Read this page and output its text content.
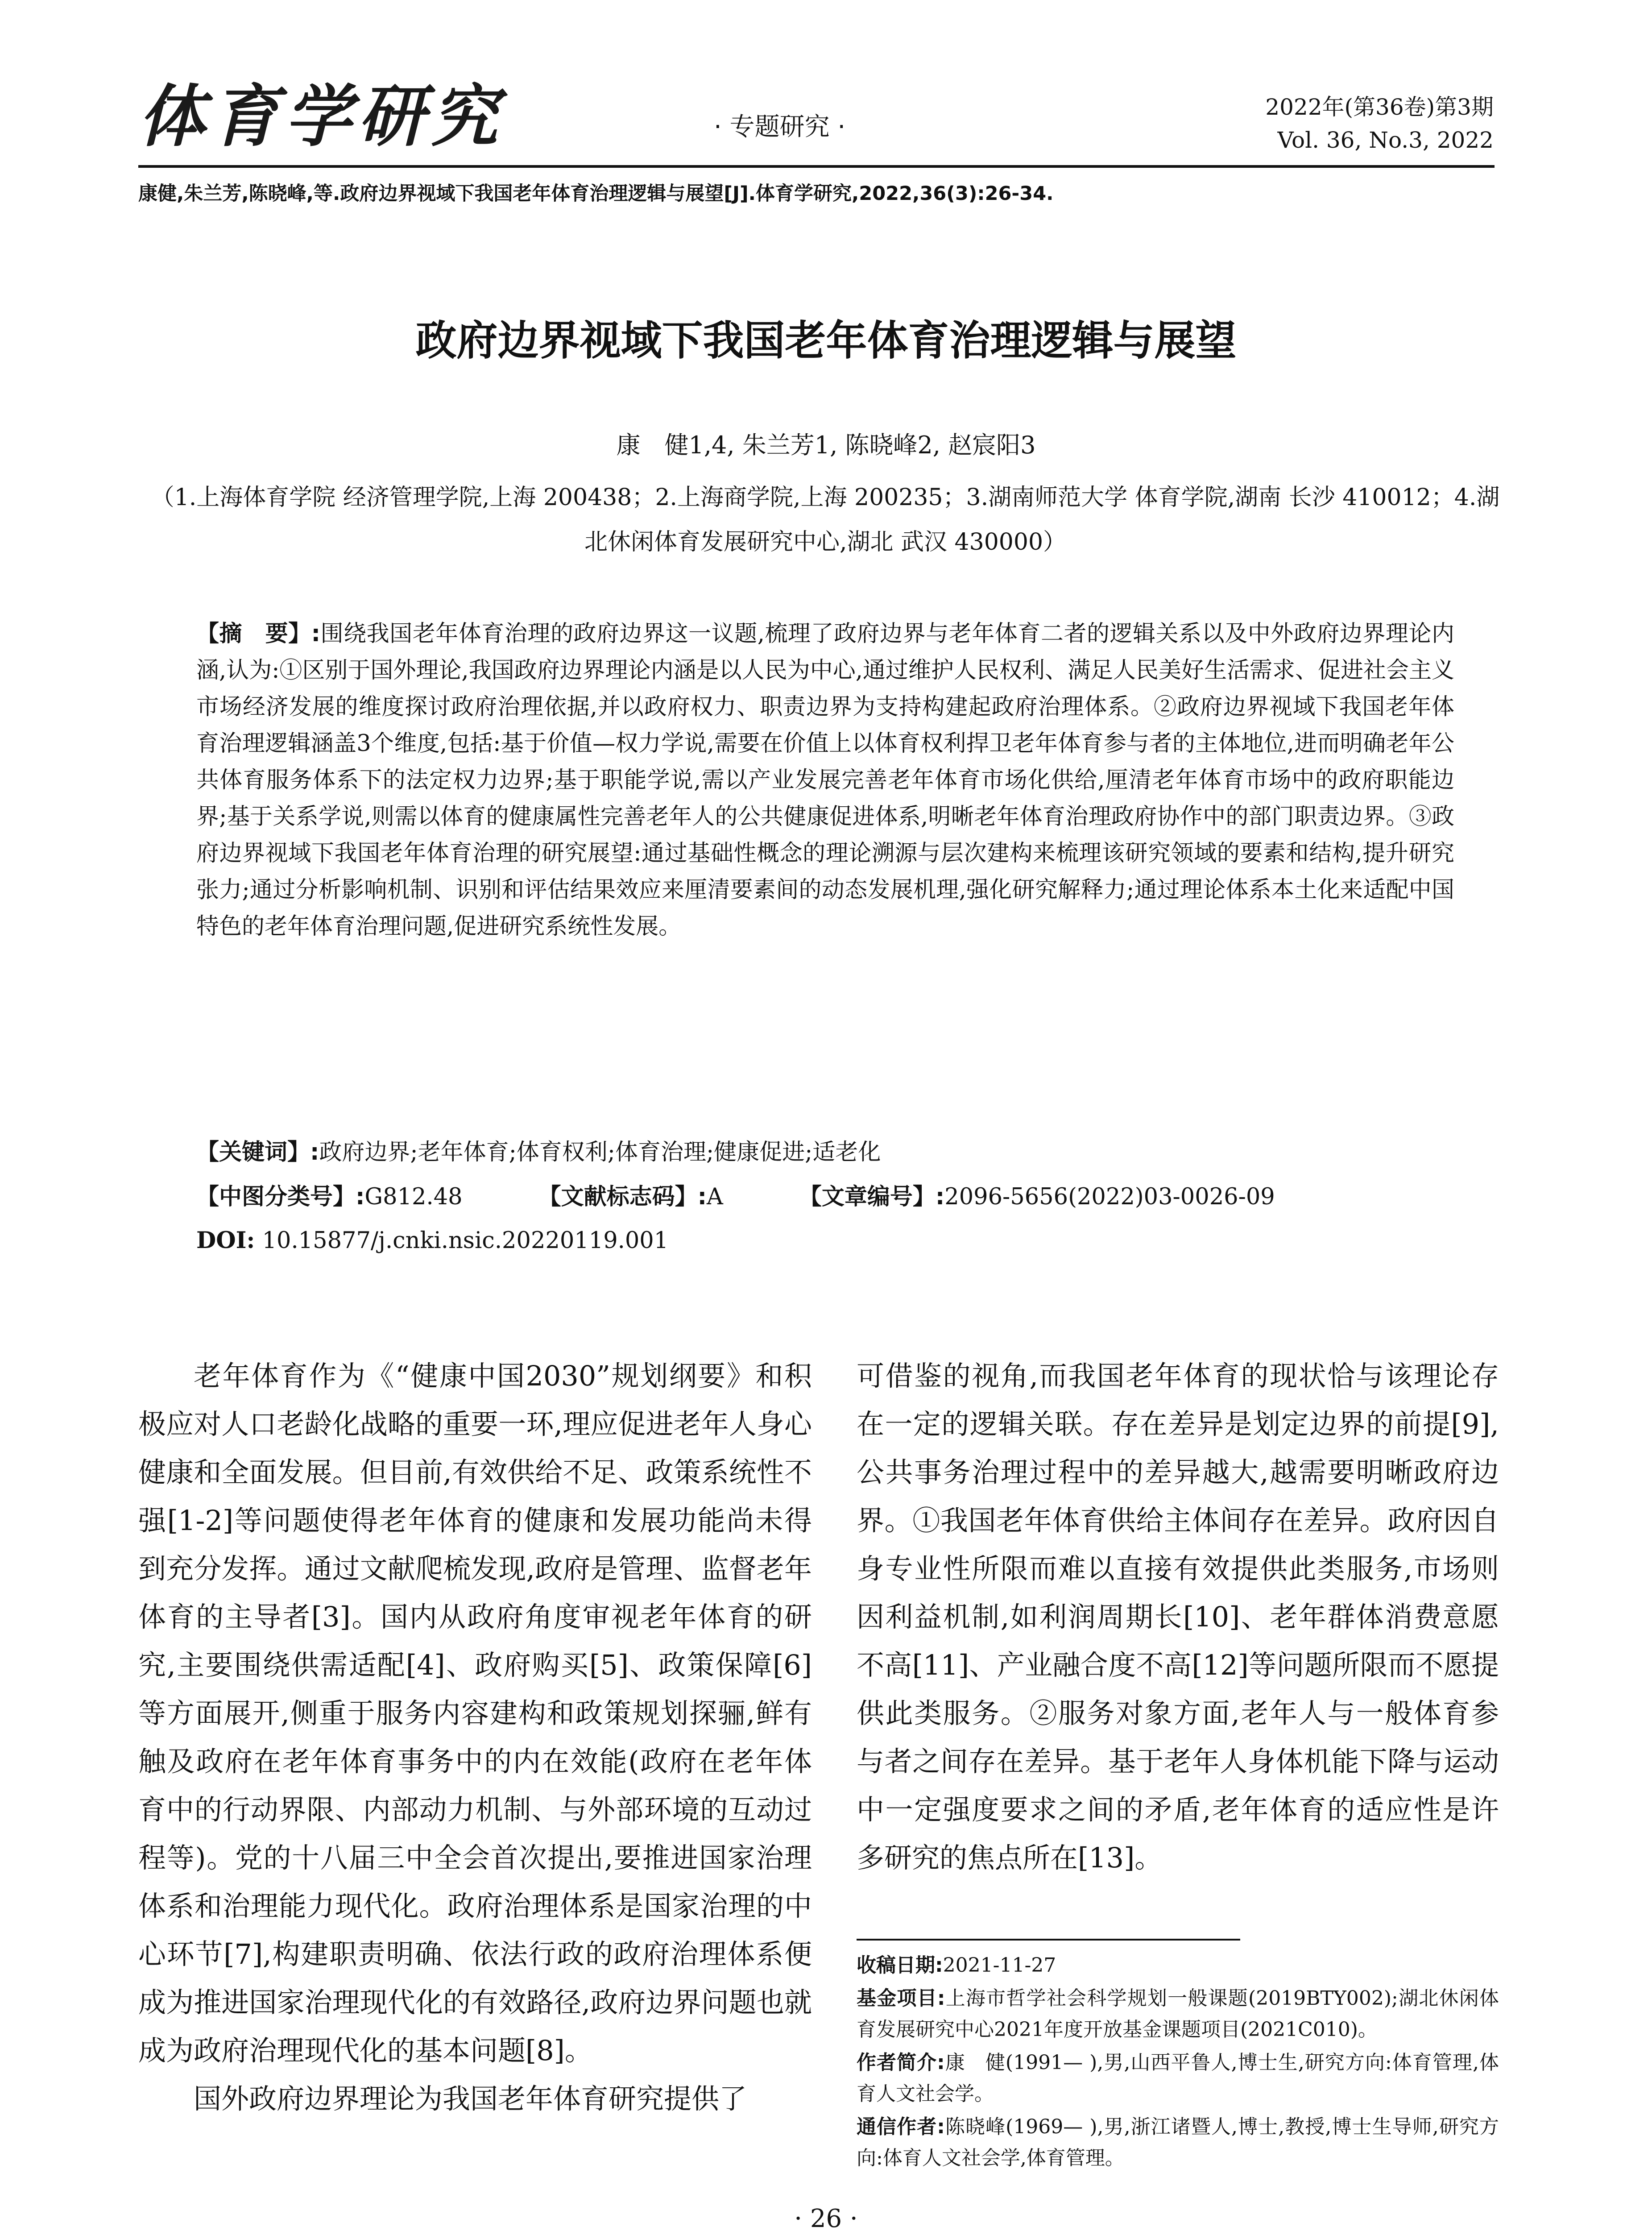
体育学研究	· 专题研究 ·
2022年(第36卷)第3期
Vol. 36, No.3, 2022
康健,朱兰芳,陈晓峰,等.政府边界视域下我国老年体育治理逻辑与展望[J].体育学研究,2022,36(3):26-34.
政府边界视域下我国老年体育治理逻辑与展望
康　健1,4, 朱兰芳1, 陈晓峰2, 赵宸阳3
（1.上海体育学院 经济管理学院,上海 200438；2.上海商学院,上海 200235；3.湖南师范大学 体育学院,湖南 长沙 410012；4.湖北休闲体育发展研究中心,湖北 武汉 430000）
【摘　要】:围绕我国老年体育治理的政府边界这一议题,梳理了政府边界与老年体育二者的逻辑关系以及中外政府边界理论内涵,认为:①区别于国外理论,我国政府边界理论内涵是以人民为中心,通过维护人民权利、满足人民美好生活需求、促进社会主义市场经济发展的维度探讨政府治理依据,并以政府权力、职责边界为支持构建起政府治理体系。②政府边界视域下我国老年体育治理逻辑涵盖3个维度,包括:基于价值—权力学说,需要在价值上以体育权利捍卫老年体育参与者的主体地位,进而明确老年公共体育服务体系下的法定权力边界;基于职能学说,需以产业发展完善老年体育市场化供给,厘清老年体育市场中的政府职能边界;基于关系学说,则需以体育的健康属性完善老年人的公共健康促进体系,明晰老年体育治理政府协作中的部门职责边界。③政府边界视域下我国老年体育治理的研究展望:通过基础性概念的理论溯源与层次建构来梳理该研究领域的要素和结构,提升研究张力;通过分析影响机制、识别和评估结果效应来厘清要素间的动态发展机理,强化研究解释力;通过理论体系本土化来适配中国特色的老年体育治理问题,促进研究系统性发展。
【关键词】:政府边界;老年体育;体育权利;体育治理;健康促进;适老化
【中图分类号】:G812.48	【文献标志码】:A	【文章编号】:2096-5656(2022)03-0026-09
DOI: 10.15877/j.cnki.nsic.20220119.001

老年体育作为《“健康中国2030”规划纲要》和积极应对人口老龄化战略的重要一环,理应促进老年人身心健康和全面发展。但目前,有效供给不足、政策系统性不强[1-2]等问题使得老年体育的健康和发展功能尚未得到充分发挥。通过文献爬梳发现,政府是管理、监督老年体育的主导者[3]。国内从政府角度审视老年体育的研究,主要围绕供需适配[4]、政府购买[5]、政策保障[6]等方面展开,侧重于服务内容建构和政策规划探骊,鲜有触及政府在老年体育事务中的内在效能(政府在老年体育中的行动界限、内部动力机制、与外部环境的互动过程等)。党的十八届三中全会首次提出,要推进国家治理体系和治理能力现代化。政府治理体系是国家治理的中心环节[7],构建职责明确、依法行政的政府治理体系便成为推进国家治理现代化的有效路径,政府边界问题也就成为政府治理现代化的基本问题[8]。

国外政府边界理论为我国老年体育研究提供了

可借鉴的视角,而我国老年体育的现状恰与该理论存在一定的逻辑关联。存在差异是划定边界的前提[9],公共事务治理过程中的差异越大,越需要明晰政府边界。①我国老年体育供给主体间存在差异。政府因自身专业性所限而难以直接有效提供此类服务,市场则因利益机制,如利润周期长[10]、老年群体消费意愿不高[11]、产业融合度不高[12]等问题所限而不愿提供此类服务。②服务对象方面,老年人与一般体育参与者之间存在差异。基于老年人身体机能下降与运动中一定强度要求之间的矛盾,老年体育的适应性是许多研究的焦点所在[13]。

收稿日期:2021-11-27
基金项目:上海市哲学社会科学规划一般课题(2019BTY002);湖北休闲体育发展研究中心2021年度开放基金课题项目(2021C010)。
作者简介:康　健(1991— ),男,山西平鲁人,博士生,研究方向:体育管理,体育人文社会学。
通信作者:陈晓峰(1969— ),男,浙江诸暨人,博士,教授,博士生导师,研究方向:体育人文社会学,体育管理。
· 26 ·
